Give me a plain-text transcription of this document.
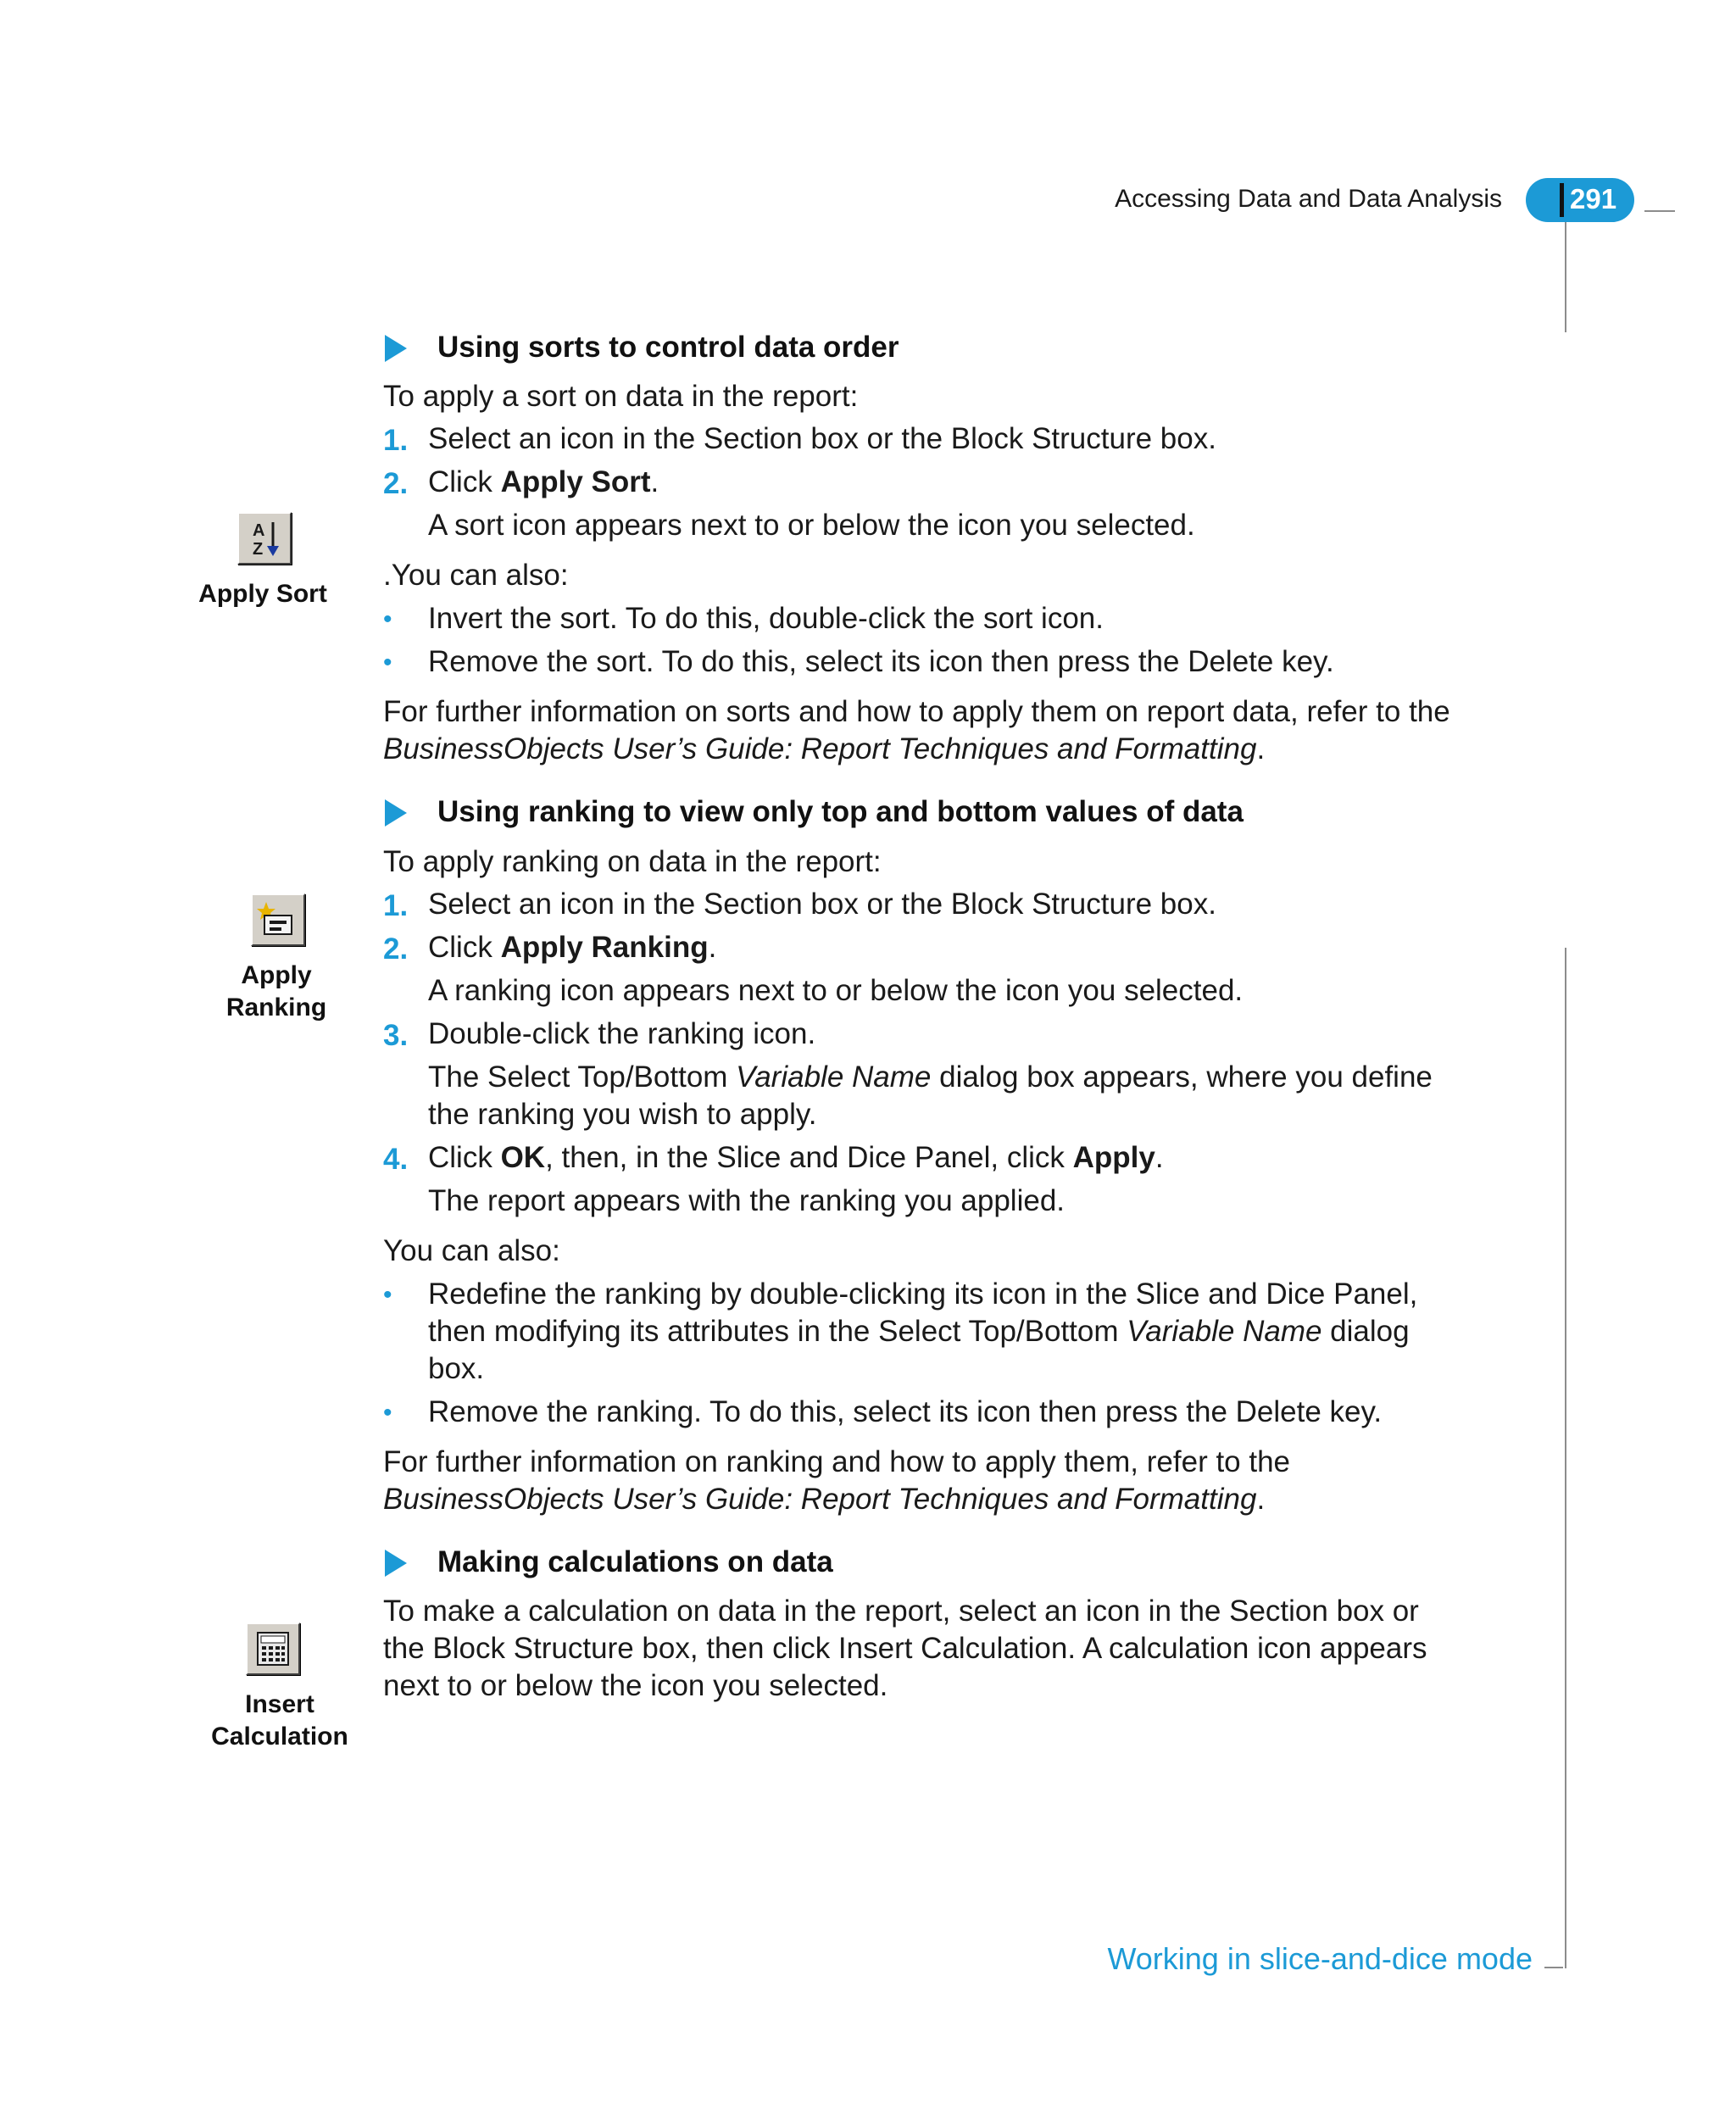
Accessing Data and Data Analysis 291
A
Z
Apply Sort
Apply
Ranking
Insert
Calculation
Using sorts to control data order
To apply a sort on data in the report:
1. Select an icon in the Section box or the Block Structure box.
2. Click Apply Sort.
A sort icon appears next to or below the icon you selected.
.You can also:
• Invert the sort. To do this, double-click the sort icon.
• Remove the sort. To do this, select its icon then press the Delete key.
For further information on sorts and how to apply them on report data, refer to the
BusinessObjects User’s Guide: Report Techniques and Formatting.
Using ranking to view only top and bottom values of data
To apply ranking on data in the report:
1. Select an icon in the Section box or the Block Structure box.
2. Click Apply Ranking.
A ranking icon appears next to or below the icon you selected.
3. Double-click the ranking icon.
The Select Top/Bottom Variable Name dialog box appears, where you define
the ranking you wish to apply.
4. Click OK, then, in the Slice and Dice Panel, click Apply.
The report appears with the ranking you applied.
You can also:
• Redefine the ranking by double-clicking its icon in the Slice and Dice Panel,
then modifying its attributes in the Select Top/Bottom Variable Name dialog
box.
• Remove the ranking. To do this, select its icon then press the Delete key.
For further information on ranking and how to apply them, refer to the
BusinessObjects User’s Guide: Report Techniques and Formatting.
Making calculations on data
To make a calculation on data in the report, select an icon in the Section box or
the Block Structure box, then click Insert Calculation. A calculation icon appears
next to or below the icon you selected.
Working in slice-and-dice mode
